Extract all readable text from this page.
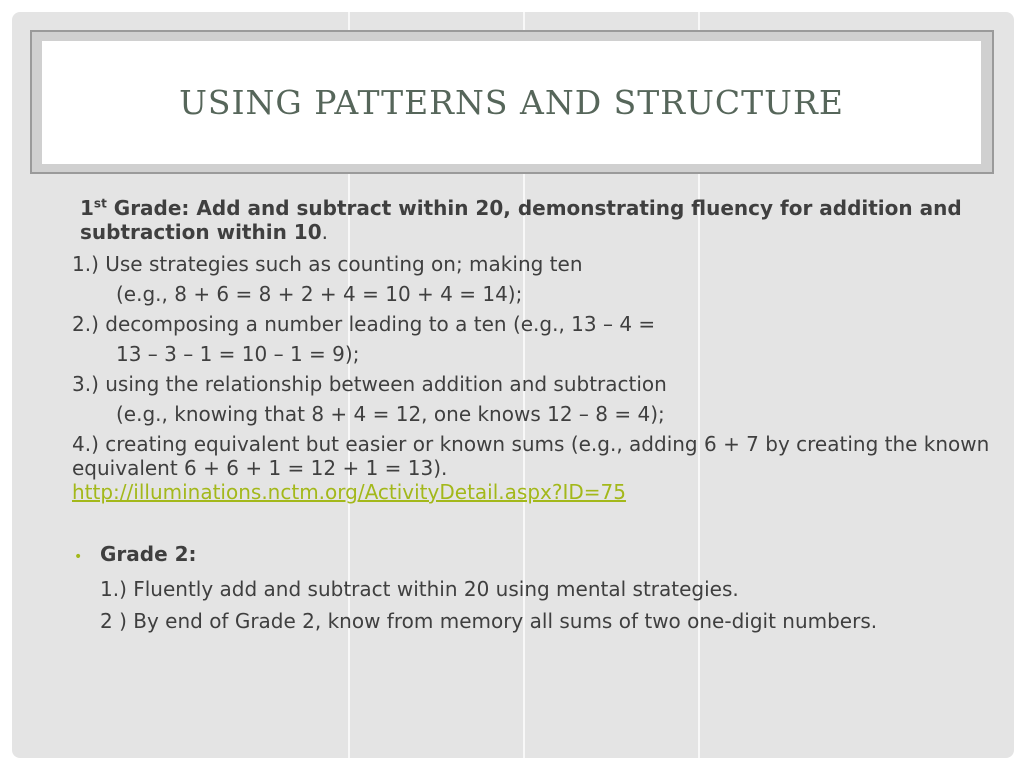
USING PATTERNS AND STRUCTURE

1st Grade: Add and subtract within 20, demonstrating fluency for addition and subtraction within 10.

1.) Use strategies such as counting on; making ten

(e.g., 8 + 6 = 8 + 2 + 4 = 10 + 4 = 14);

2.) decomposing a number leading to a ten (e.g., 13 – 4 =

13 – 3 – 1 = 10 – 1 = 9);

3.) using the relationship between addition and subtraction

(e.g., knowing that 8 + 4 = 12, one knows 12 – 8 = 4);

4.) creating equivalent but easier or known sums (e.g., adding 6 + 7 by creating the known equivalent 6 + 6 + 1 = 12 + 1 = 13).

http://illuminations.nctm.org/ActivityDetail.aspx?ID=75

• Grade 2:

1.) Fluently add and subtract within 20 using mental strategies.

2 ) By end of Grade 2, know from memory all sums of two one-digit numbers.
